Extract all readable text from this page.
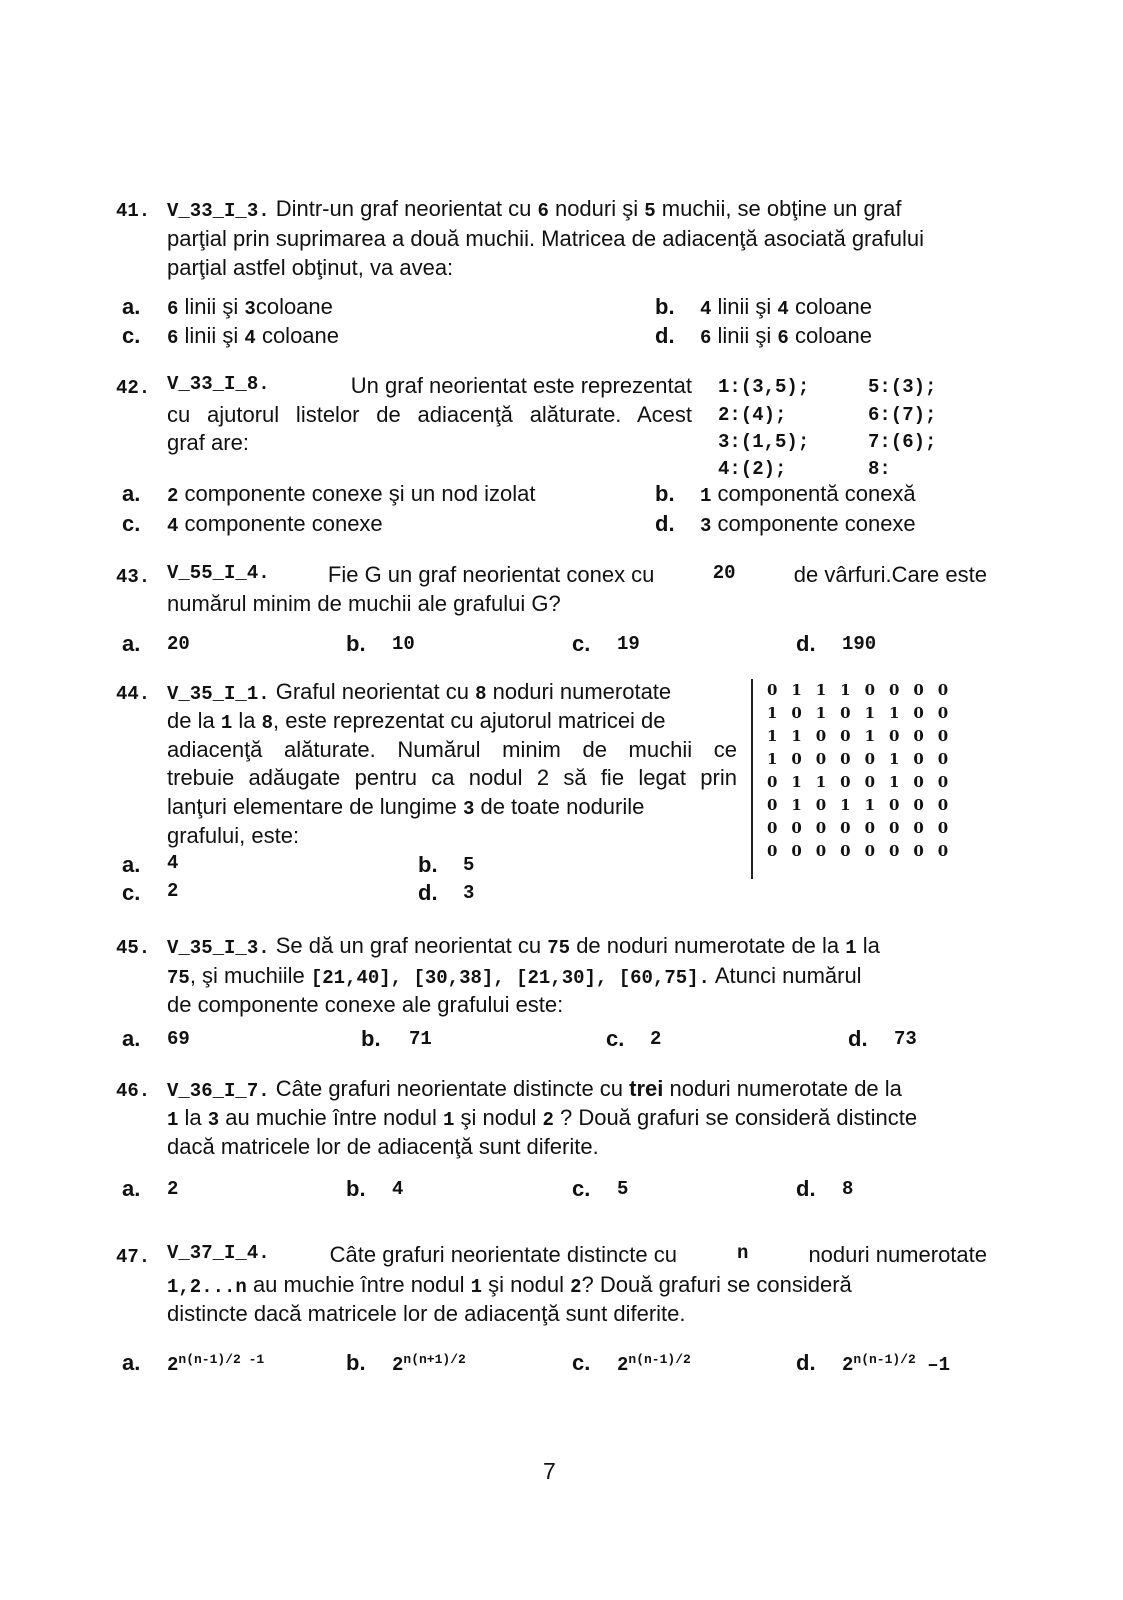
41. V_33_I_3. Dintr-un graf neorientat cu 6 noduri şi 5 muchii, se obţine un graf
parţial prin suprimarea a două muchii. Matricea de adiacenţă asociată grafului
parţial astfel obţinut, va avea:
a. 6 linii şi 3coloane	b. 4 linii şi 4 coloane
c. 6 linii şi 4 coloane	d. 6 linii şi 6 coloane
42. V_33_I_8.	Un graf neorientat este reprezentat
cu ajutorul listelor de adiacenţă alăturate. Acest
graf are:
1:(3,5);
2:(4);
3:(1,5);
4:(2);
5:(3);
6:(7);
7:(6);
8:
a. 2 componente conexe şi un nod izolat	b. 1 componentă conexă
c. 4 componente conexe	d. 3 componente conexe
43. V_55_I_4.	Fie G un graf neorientat conex cu	20	de vârfuri.Care este
numărul minim de muchii ale grafului G?
a. 20	b. 10	c. 19	d. 190
44. V_35_I_1. Graful neorientat cu 8 noduri numerotate
de la 1 la 8, este reprezentat cu ajutorul matricei de
adiacenţă alăturate. Numărul minim de muchii ce
trebuie adăugate pentru ca nodul 2 să fie legat prin
lanţuri elementare de lungime 3 de toate nodurile
grafului, este:
0 1 1 1 0 0 0 0
1 0 1 0 1 1 0 0
1 1 0 0 1 0 0 0
1 0 0 0 0 1 0 0
0 1 1 0 0 1 0 0
0 1 0 1 1 0 0 0
0 0 0 0 0 0 0 0
0 0 0 0 0 0 0 0
a. 4	b. 5
c. 2	d. 3
45. V_35_I_3. Se dă un graf neorientat cu 75 de noduri numerotate de la 1 la
75, şi muchiile [21,40], [30,38], [21,30], [60,75]. Atunci numărul
de componente conexe ale grafului este:
a. 69	b. 71	c. 2	d. 73
46. V_36_I_7. Câte grafuri neorientate distincte cu trei noduri numerotate de la
1 la 3 au muchie între nodul 1 şi nodul 2 ? Două grafuri se consideră distincte
dacă matricele lor de adiacenţă sunt diferite.
a. 2	b. 4	c. 5	d. 8
47. V_37_I_4.	Câte grafuri neorientate distincte cu	n	noduri numerotate
1,2...n au muchie între nodul 1 şi nodul 2? Două grafuri se consideră
distincte dacă matricele lor de adiacenţă sunt diferite.
a. $2^{n(n-1)/2}$ $^{-1}$	b. $2^{n(n+1)/2}$	c. $2^{n(n-1)/2}$	d. $2^{n(n-1)/2}$ –1
7
